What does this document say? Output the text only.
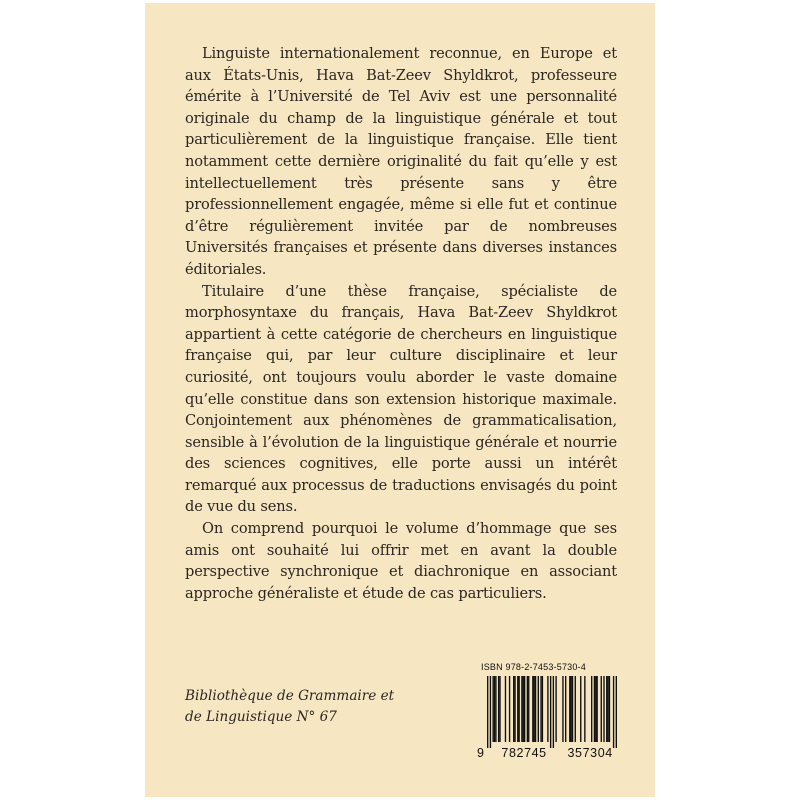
Linguiste internationalement reconnue, en Europe et aux États-Unis, Hava Bat-Zeev Shyldkrot, professeure émérite à l’Université de Tel Aviv est une personnalité originale du champ de la linguistique générale et tout particulièrement de la linguistique française. Elle tient notamment cette dernière originalité du fait qu’elle y est intellectuellement très présente sans y être professionnellement engagée, même si elle fut et continue d’être régulièrement invitée par de nombreuses Universités françaises et présente dans diverses instances éditoriales.

Titulaire d’une thèse française, spécialiste de morphosyntaxe du français, Hava Bat-Zeev Shyldkrot appartient à cette catégorie de chercheurs en linguistique française qui, par leur culture disciplinaire et leur curiosité, ont toujours voulu aborder le vaste domaine qu’elle constitue dans son extension historique maximale. Conjointement aux phénomènes de grammaticalisation, sensible à l’évolution de la linguistique générale et nourrie des sciences cognitives, elle porte aussi un intérêt remarqué aux processus de traductions envisagés du point de vue du sens.

On comprend pourquoi le volume d’hommage que ses amis ont souhaité lui offrir met en avant la double perspective synchronique et diachronique en associant approche généraliste et étude de cas particuliers.

Bibliothèque de Grammaire et
de Linguistique N° 67
ISBN 978-2-7453-5730-4
9 782745 357304
